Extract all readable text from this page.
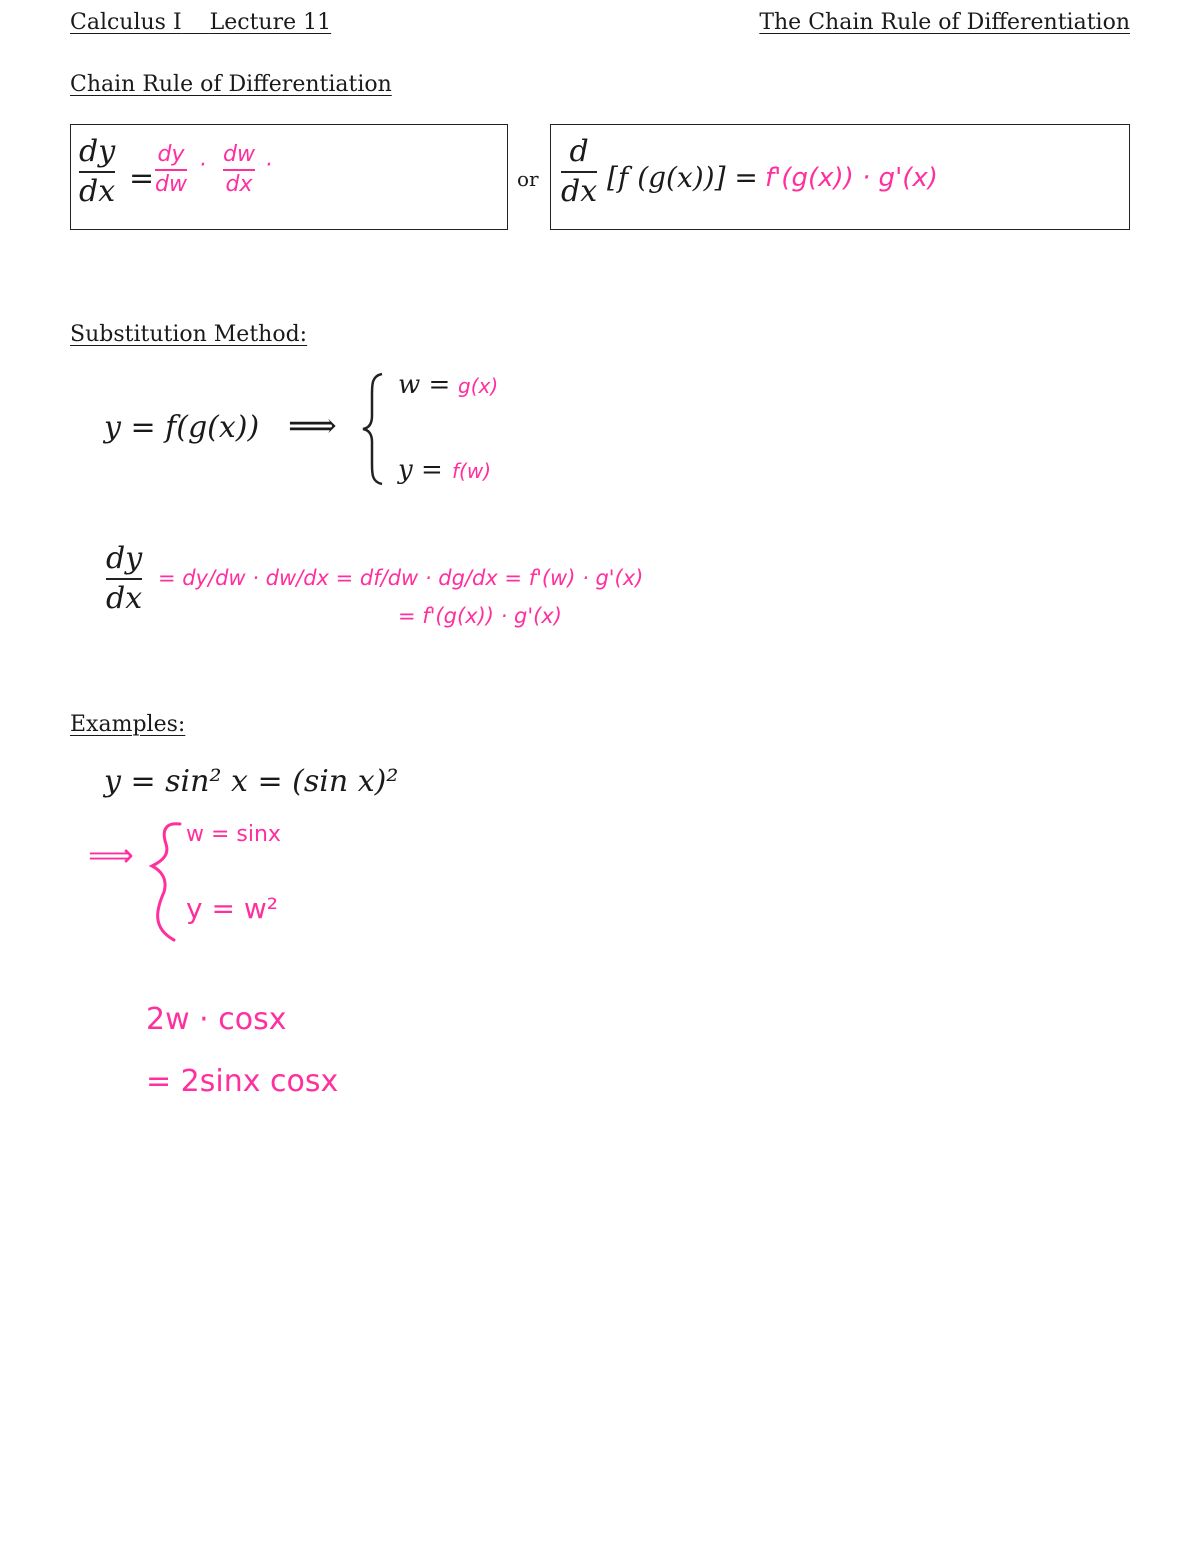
Calculus I Lecture 11	The Chain Rule of Differentiation
Chain Rule of Differentiation
dy
dx =
dy
dw
· dw
dx
·
or
d
dx [f (g(x))] = f'(g(x)) · g'(x)
Substitution Method:
y = f(g(x)) ⟹
w = g(x)
y = f(w)
dy
dx
= dy/dw · dw/dx = df/dw · dg/dx = f'(w) · g'(x)
= f'(g(x)) · g'(x)
Examples:
y = sin² x = (sin x)²
⟹
w = sinx
y = w²
2w · cosx
= 2sinx cosx
